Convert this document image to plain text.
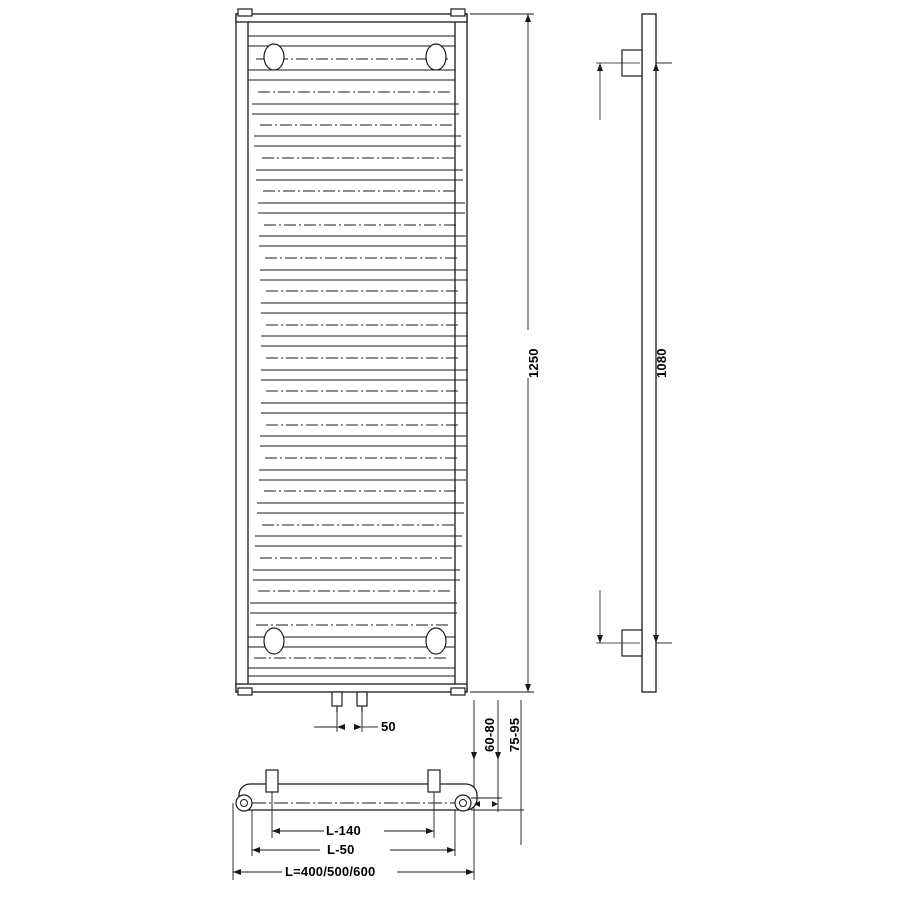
1250	1080
50	60-80 75-95
L-140
L-50
L=400/500/600
